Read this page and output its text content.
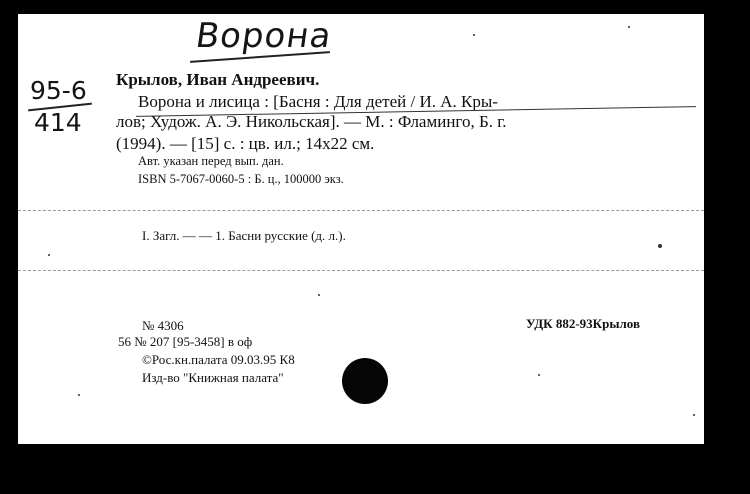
Ворона
95-6
414
Крылов, Иван Андреевич.
Ворона и лисица : [Басня : Для детей / И. А. Кры-
лов; Худож. А. Э. Никольская]. — М. : Фламинго, Б. г.
(1994). — [15] с. : цв. ил.; 14х22 см.
Авт. указан перед вып. дан.
ISBN 5-7067-0060-5 : Б. ц., 100000 экз.
I. Загл. — — 1. Басни русские (д. л.).
№ 4306
56 № 207 [95-3458] в оф
©Рос.кн.палата 09.03.95 К8
Изд-во "Книжная палата"
УДК 882-93Крылов
